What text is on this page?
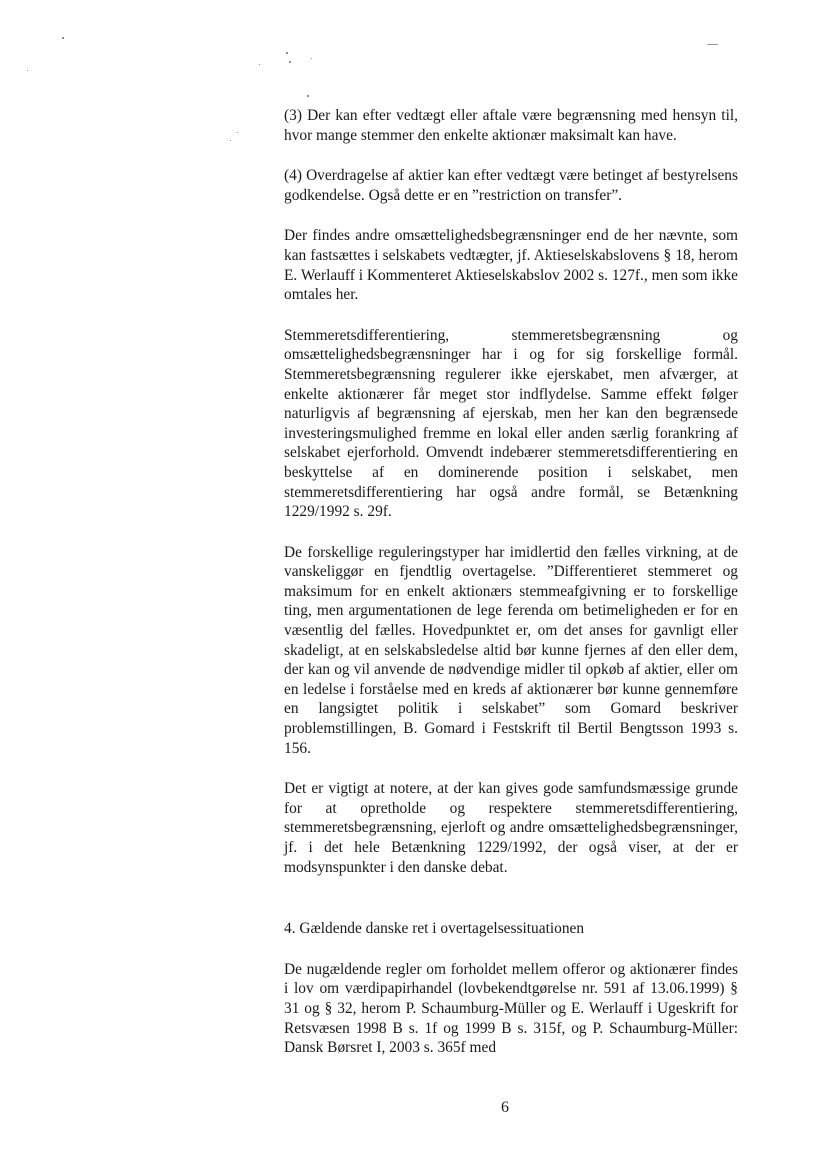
(3) Der kan efter vedtægt eller aftale være begrænsning med hensyn til, hvor mange stemmer den enkelte aktionær maksimalt kan have.

(4) Overdragelse af aktier kan efter vedtægt være betinget af bestyrelsens godkendelse. Også dette er en ”restriction on transfer”.

Der findes andre omsættelighedsbegrænsninger end de her nævnte, som kan fastsættes i selskabets vedtægter, jf. Aktieselskabslovens § 18, herom E. Werlauff i Kommenteret Aktieselskabslov 2002 s. 127f., men som ikke omtales her.

Stemmeretsdifferentiering, stemmeretsbegrænsning og omsættelighedsbegrænsninger har i og for sig forskellige formål. Stemmeretsbegrænsning regulerer ikke ejerskabet, men afværger, at enkelte aktionærer får meget stor indflydelse. Samme effekt følger naturligvis af begrænsning af ejerskab, men her kan den begrænsede investeringsmulighed fremme en lokal eller anden særlig forankring af selskabet ejerforhold. Omvendt indebærer stemmeretsdifferentiering en beskyttelse af en dominerende position i selskabet, men stemmeretsdifferentiering har også andre formål, se Betænkning 1229/1992 s. 29f.

De forskellige reguleringstyper har imidlertid den fælles virkning, at de vanskeliggør en fjendtlig overtagelse. ”Differentieret stemmeret og maksimum for en enkelt aktionærs stemmeafgivning er to forskellige ting, men argumentationen de lege ferenda om betimeligheden er for en væsentlig del fælles. Hovedpunktet er, om det anses for gavnligt eller skadeligt, at en selskabsledelse altid bør kunne fjernes af den eller dem, der kan og vil anvende de nødvendige midler til opkøb af aktier, eller om en ledelse i forståelse med en kreds af aktionærer bør kunne gennemføre en langsigtet politik i selskabet” som Gomard beskriver problemstillingen, B. Gomard i Festskrift til Bertil Bengtsson 1993 s. 156.

Det er vigtigt at notere, at der kan gives gode samfundsmæssige grunde for at opretholde og respektere stemmeretsdifferentiering, stemmeretsbegrænsning, ejerloft og andre omsættelighedsbegrænsninger, jf. i det hele Betænkning 1229/1992, der også viser, at der er modsynspunkter i den danske debat.

4. Gældende danske ret i overtagelsessituationen

De nugældende regler om forholdet mellem offeror og aktionærer findes i lov om værdipapirhandel (lovbekendtgørelse nr. 591 af 13.06.1999) § 31 og § 32, herom P. Schaumburg-Müller og E. Werlauff i Ugeskrift for Retsvæsen 1998 B s. 1f og 1999 B s. 315f, og P. Schaumburg-Müller: Dansk Børsret I, 2003 s. 365f med

6
